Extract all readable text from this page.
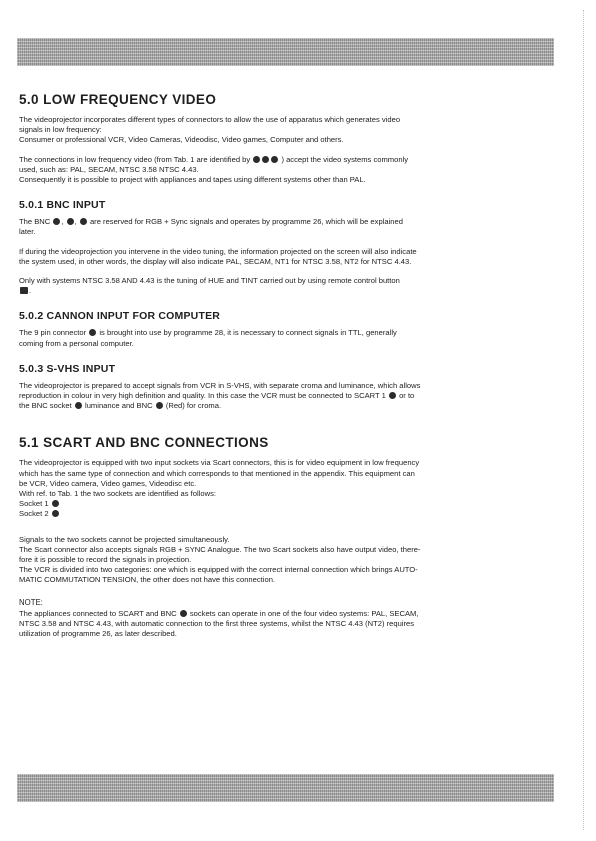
5.0 LOW FREQUENCY VIDEO
The videoprojector incorporates different types of connectors to allow the use of apparatus which generates video
signals in low frequency:
Consumer or professional VCR, Video Cameras, Videodisc, Video games, Computer and others.
The connections in low frequency video (from Tab. 1 are identified by	) accept the video systems commonly
used, such as: PAL, SECAM, NTSC 3.58 NTSC 4.43.
Consequently it is possible to project with appliances and tapes using different systems other than PAL.
5.0.1 BNC INPUT
The BNC , ,  are reserved for RGB + Sync signals and operates by programme 26, which will be explained
later.
If during the videoprojection you intervene in the video tuning, the information projected on the screen will also indicate
the system used, in other words, the display will also indicate PAL, SECAM, NT1 for NTSC 3.58, NT2 for NTSC 4.43.
Only with systems NTSC 3.58 AND 4.43 is the tuning of HUE and TINT carried out by using remote control button
.
5.0.2 CANNON INPUT FOR COMPUTER
The 9 pin connector is brought into use by programme 28, it is necessary to connect signals in TTL, generally
coming from a personal computer.
5.0.3 S-VHS INPUT
The videoprojector is prepared to accept signals from VCR in S-VHS, with separate croma and luminance, which allows
reproduction in colour in very high definition and quality. In this case the VCR must be connected to SCART 1 or to
the BNC socket luminance and BNC (Red) for croma.
5.1 SCART AND BNC CONNECTIONS
The videoprojector is equipped with two input sockets via Scart connectors, this is for video equipment in low frequency
which has the same type of connection and which corresponds to that mentioned in the appendix. This equipment can
be VCR, Video camera, Video games, Videodisc etc.
With ref. to Tab. 1 the two sockets are identified as follows:
Socket 1
Socket 2
Signals to the two sockets cannot be projected simultaneously.
The Scart connector also accepts signals RGB + SYNC Analogue. The two Scart sockets also have output video, there-
fore it is possible to record the signals in projection.
The VCR is divided into two categories: one which is equipped with the correct internal connection which brings AUTO-
MATIC COMMUTATION TENSION, the other does not have this connection.
NOTE:
The appliances connected to SCART and BNC sockets can operate in one of the four video systems: PAL, SECAM,
NTSC 3.58 and NTSC 4.43, with automatic connection to the first three systems, whilst the NTSC 4.43 (NT2) requires
utilization of programme 26, as later described.
